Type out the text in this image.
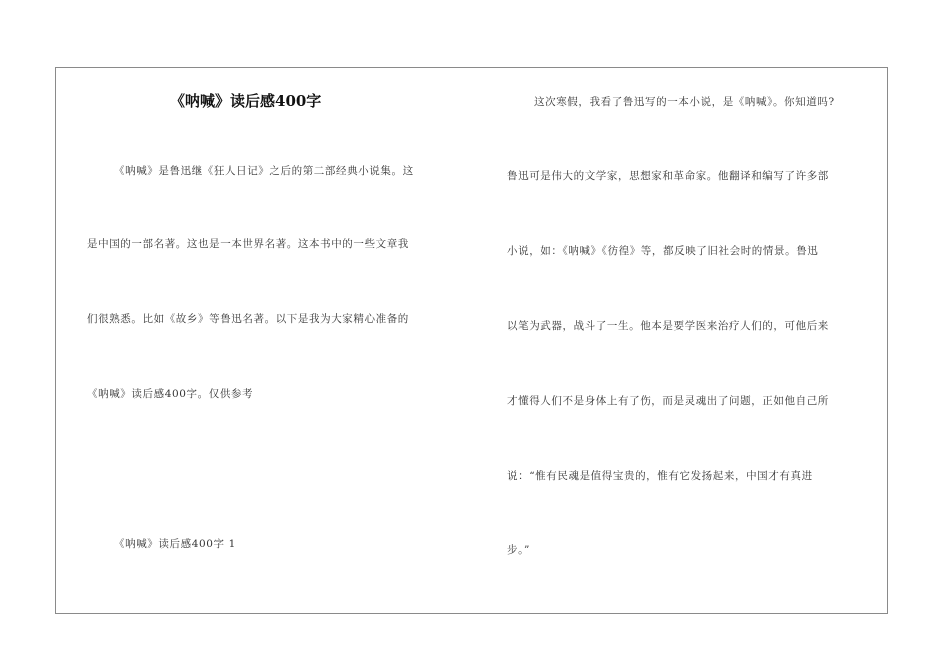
《呐喊》读后感400字
《呐喊》是鲁迅继《狂人日记》之后的第二部经典小说集。这
是中国的一部名著。这也是一本世界名著。这本书中的一些文章我
们很熟悉。比如《故乡》等鲁迅名著。以下是我为大家精心准备的
《呐喊》读后感400字。仅供参考
《呐喊》读后感400字 1
这次寒假，我看了鲁迅写的一本小说，是《呐喊》。你知道吗?
鲁迅可是伟大的文学家，思想家和革命家。他翻译和编写了许多部
小说，如：《呐喊》《彷徨》等，都反映了旧社会时的情景。鲁迅
以笔为武器，战斗了一生。他本是要学医来治疗人们的，可他后来
才懂得人们不是身体上有了伤，而是灵魂出了问题，正如他自己所
说：“惟有民魂是值得宝贵的，惟有它发扬起来，中国才有真进
步。”
